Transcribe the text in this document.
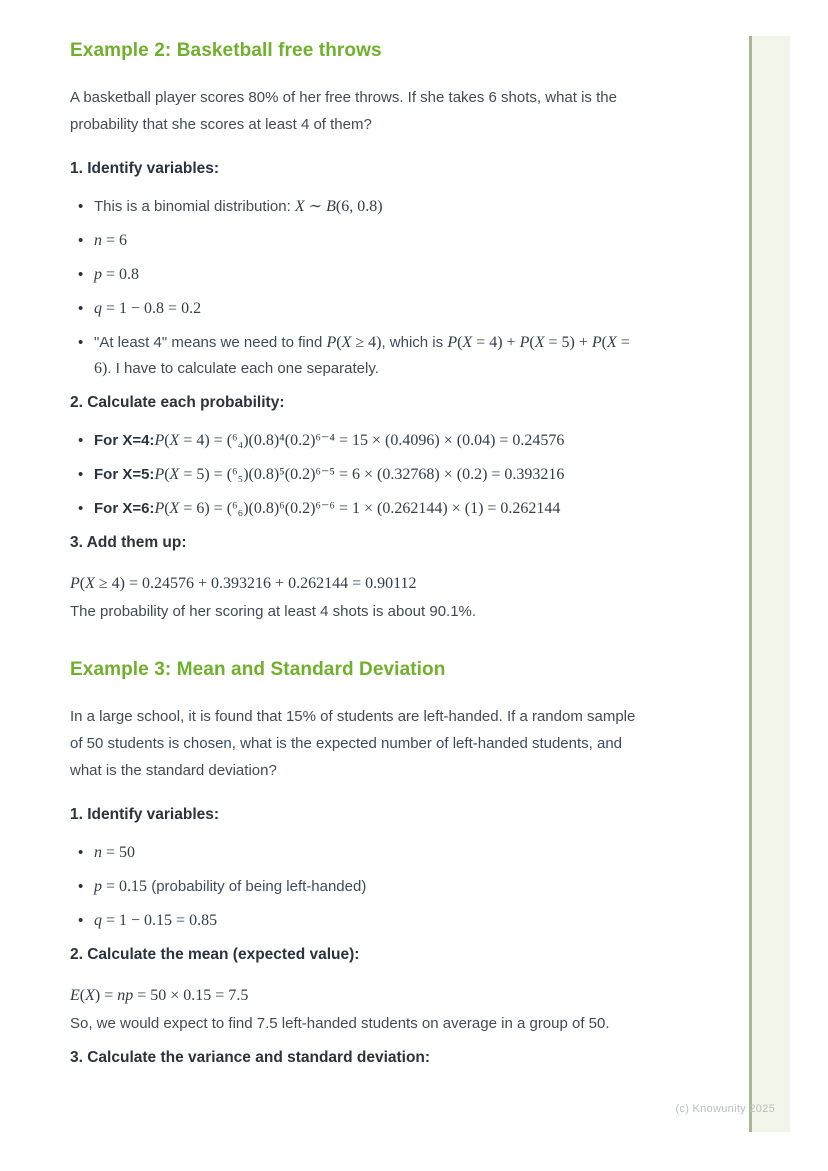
(c) Knowunity 2025
Example 2: Basketball free throws

A basketball player scores 80% of her free throws. If she takes 6 shots, what is the probability that she scores at least 4 of them?

1. Identify variables:
• This is a binomial distribution: X ∼ B(6, 0.8)
• n = 6
• p = 0.8
• q = 1 − 0.8 = 0.2
• "At least 4" means we need to find P(X ≥ 4), which is P(X = 4) + P(X = 5) + P(X = 6). I have to calculate each one separately.
2. Calculate each probability:
• For X=4:P(X = 4) = (⁶₄)(0.8)⁴(0.2)⁶⁻⁴ = 15 × (0.4096) × (0.04) = 0.24576
• For X=5:P(X = 5) = (⁶₅)(0.8)⁵(0.2)⁶⁻⁵ = 6 × (0.32768) × (0.2) = 0.393216
• For X=6:P(X = 6) = (⁶₆)(0.8)⁶(0.2)⁶⁻⁶ = 1 × (0.262144) × (1) = 0.262144
3. Add them up:

P(X ≥ 4) = 0.24576 + 0.393216 + 0.262144 = 0.90112

The probability of her scoring at least 4 shots is about 90.1%.

Example 3: Mean and Standard Deviation

In a large school, it is found that 15% of students are left-handed. If a random sample of 50 students is chosen, what is the expected number of left-handed students, and what is the standard deviation?

1. Identify variables:
• n = 50
• p = 0.15 (probability of being left-handed)
• q = 1 − 0.15 = 0.85
2. Calculate the mean (expected value):

E(X) = np = 50 × 0.15 = 7.5

So, we would expect to find 7.5 left-handed students on average in a group of 50.

3. Calculate the variance and standard deviation:
